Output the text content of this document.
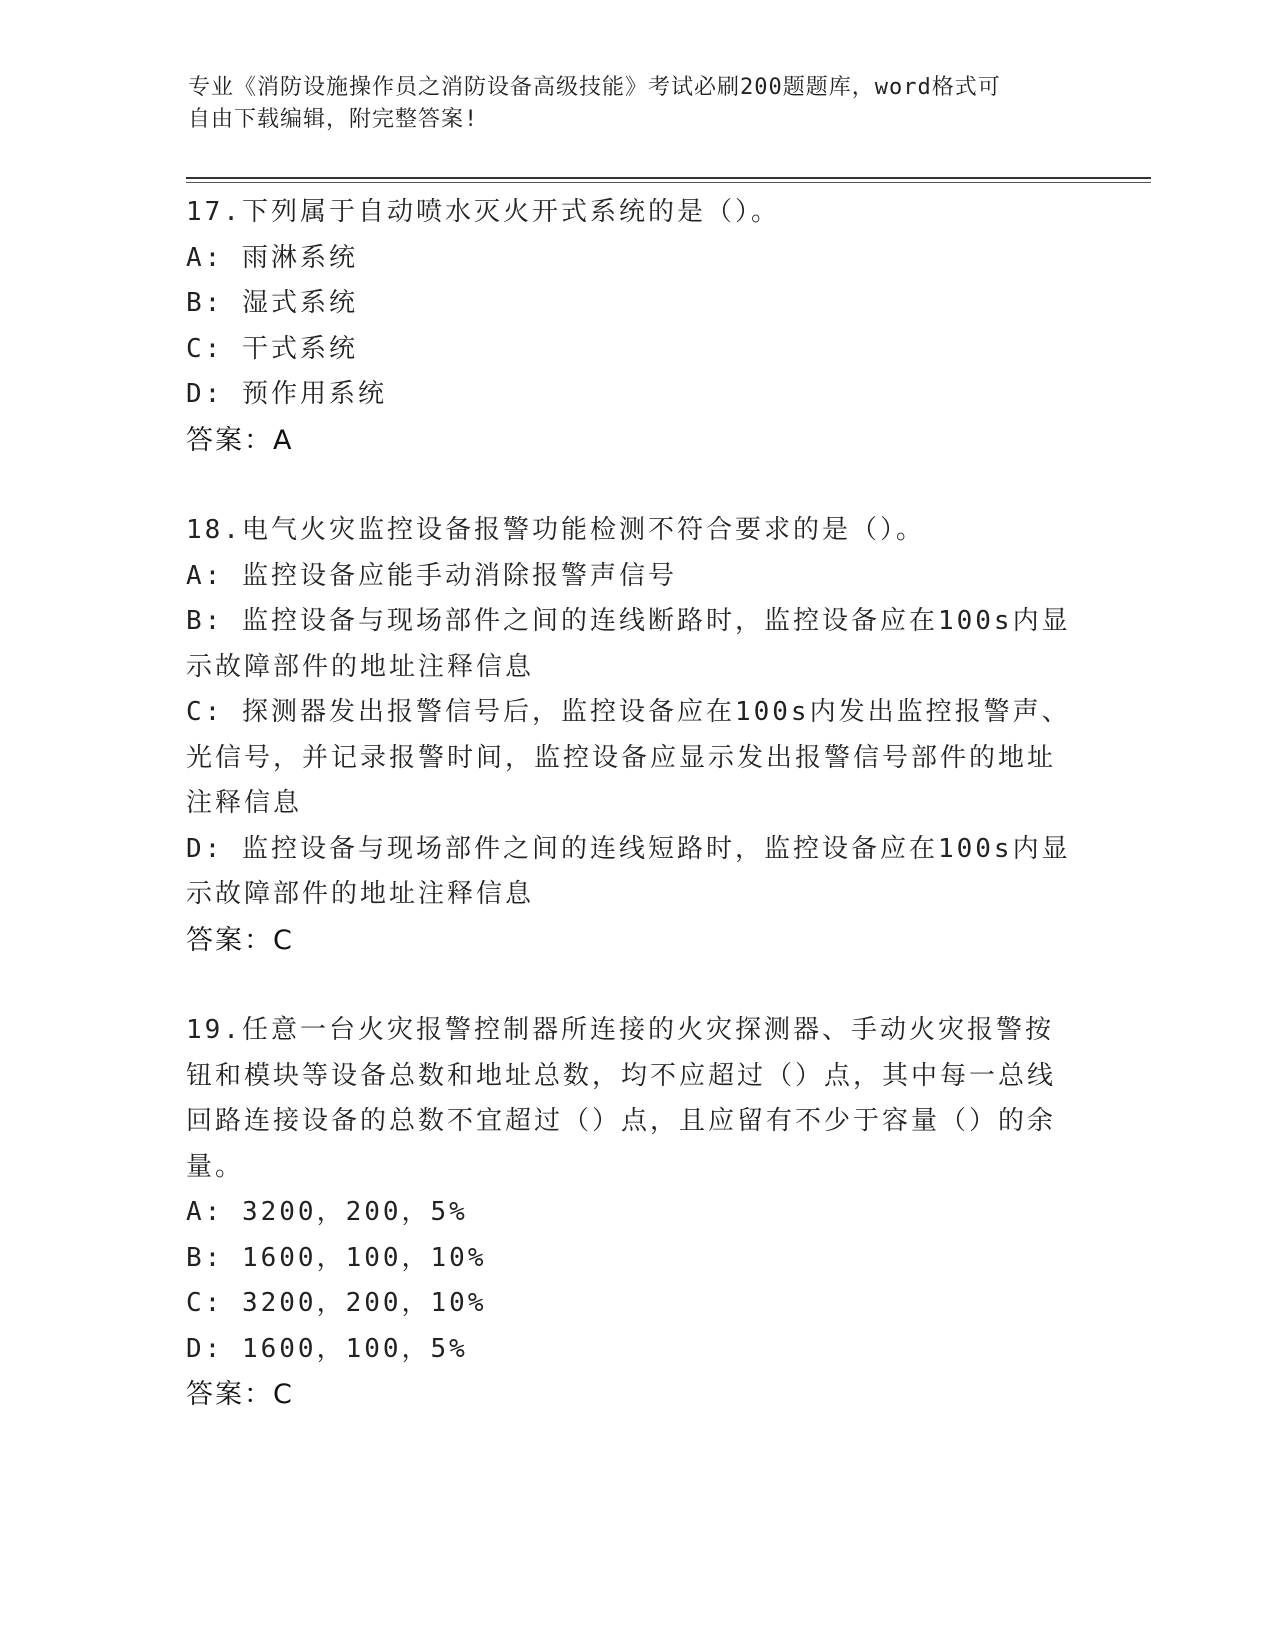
专业《消防设施操作员之消防设备高级技能》考试必刷200题题库，word格式可
自由下载编辑，附完整答案!

17.下列属于自动喷水灭火开式系统的是（）。

A: 雨淋系统

B: 湿式系统

C: 干式系统

D: 预作用系统

答案：A

18.电气火灾监控设备报警功能检测不符合要求的是（）。

A: 监控设备应能手动消除报警声信号

B: 监控设备与现场部件之间的连线断路时，监控设备应在100s内显示故障部件的地址注释信息

C: 探测器发出报警信号后，监控设备应在100s内发出监控报警声、光信号，并记录报警时间，监控设备应显示发出报警信号部件的地址注释信息

D: 监控设备与现场部件之间的连线短路时，监控设备应在100s内显示故障部件的地址注释信息

答案：C

19.任意一台火灾报警控制器所连接的火灾探测器、手动火灾报警按钮和模块等设备总数和地址总数，均不应超过（）点，其中每一总线回路连接设备的总数不宜超过（）点，且应留有不少于容量（）的余量。

A: 3200，200，5%

B: 1600，100，10%

C: 3200，200，10%

D: 1600，100，5%

答案：C
